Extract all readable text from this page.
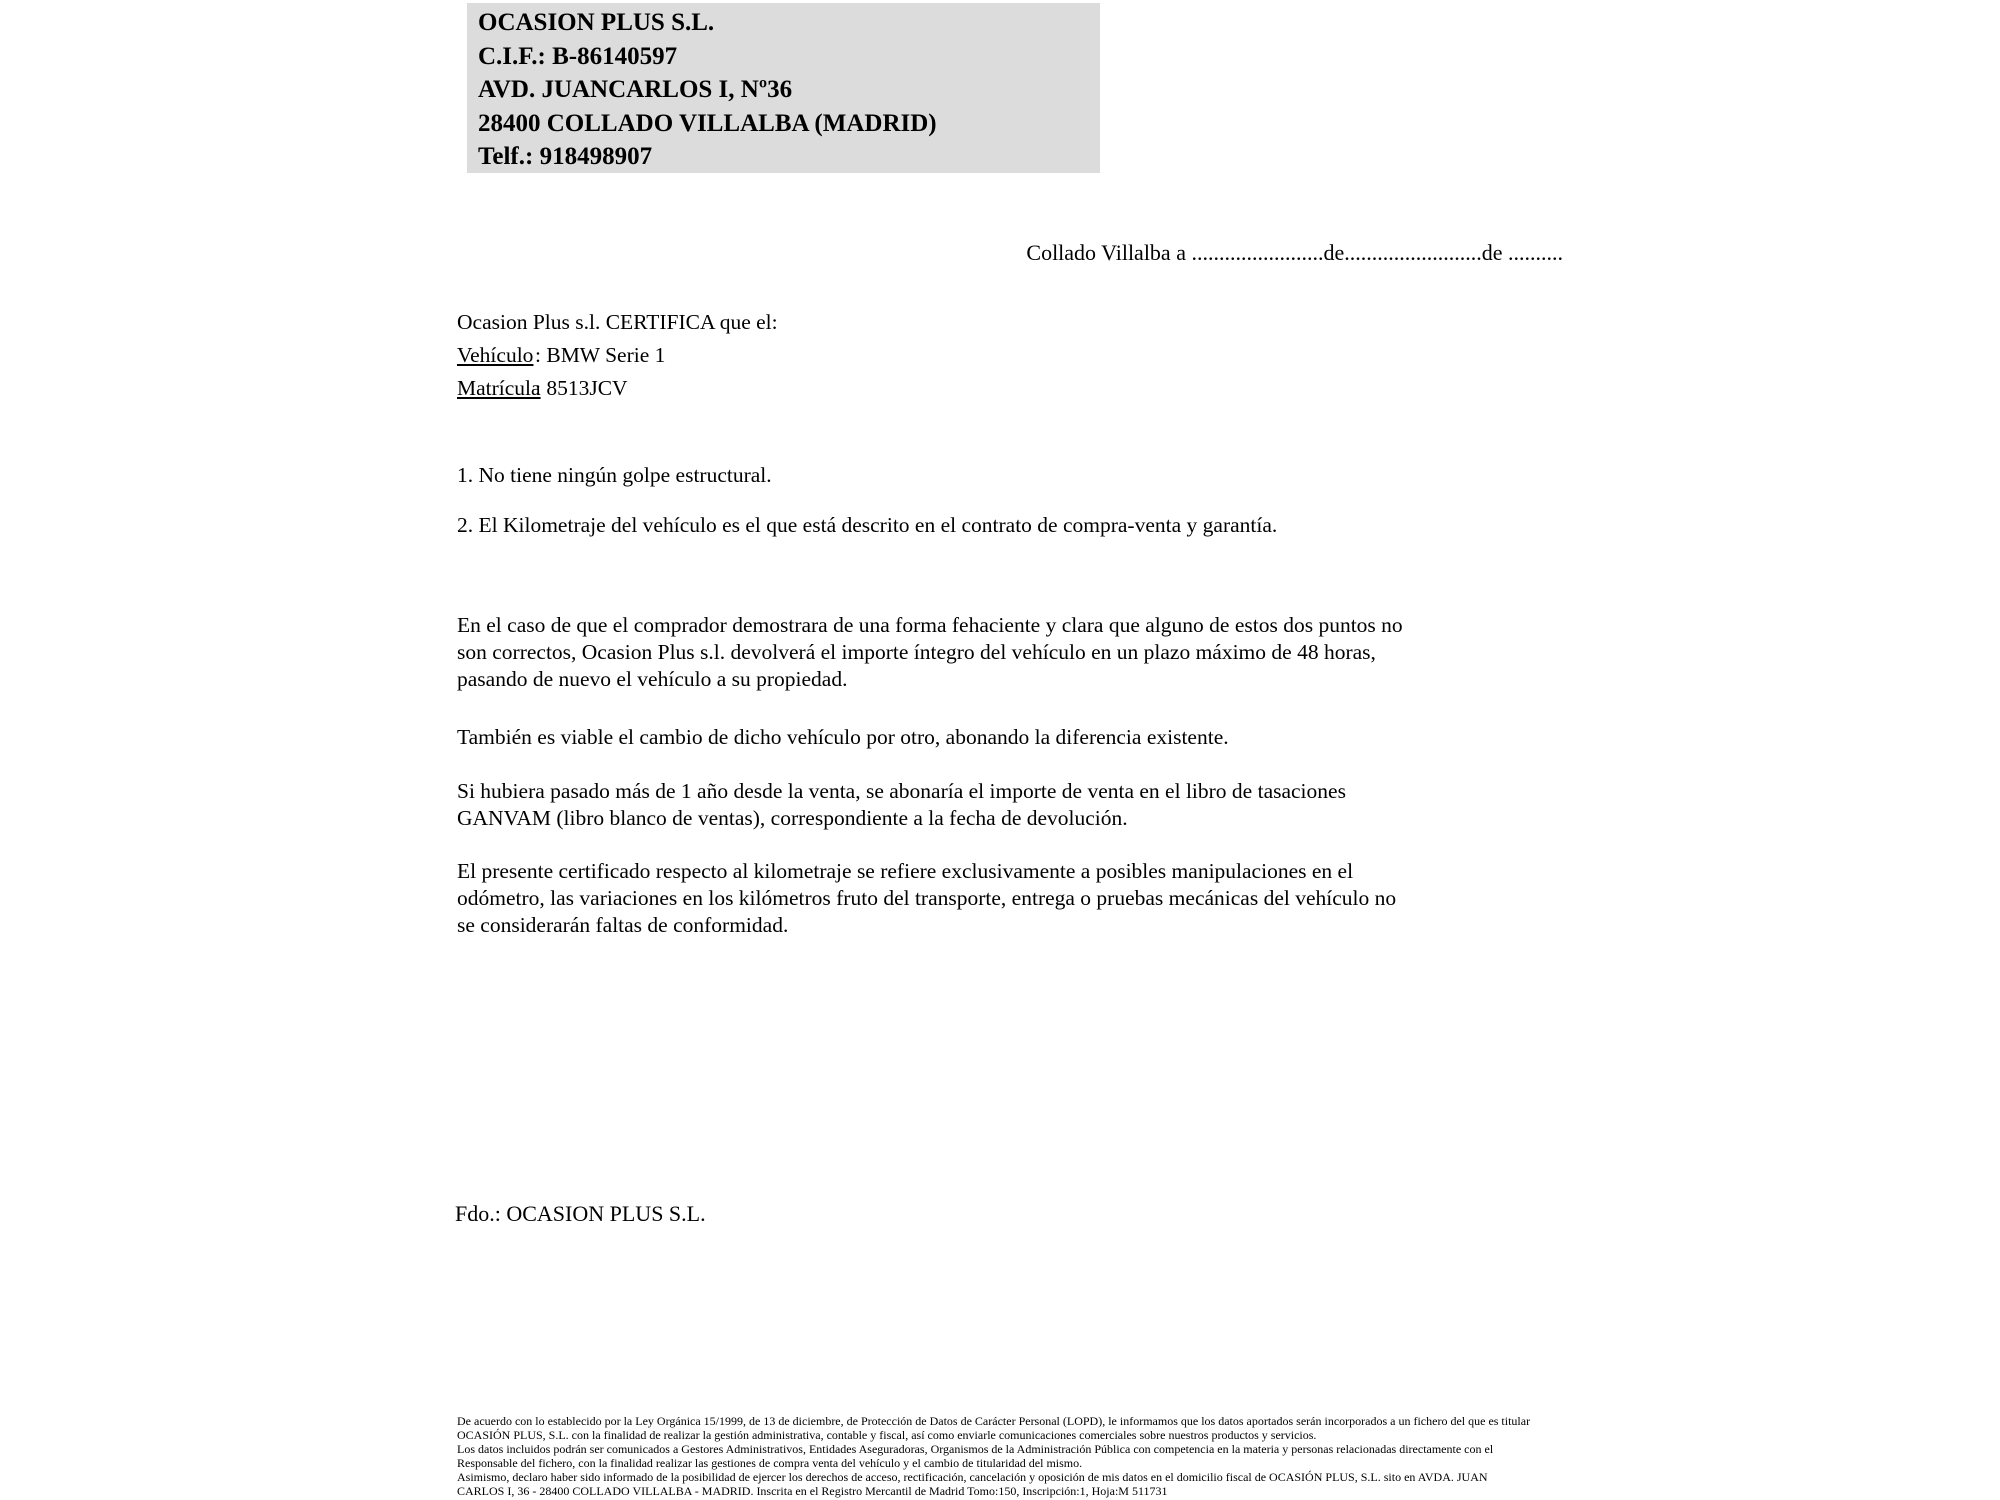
OCASION PLUS S.L.
C.I.F.: B-86140597
AVD. JUANCARLOS I, Nº36
28400 COLLADO VILLALBA (MADRID)
Telf.: 918498907
Collado Villalba a ........................de.........................de ..........
Ocasion Plus s.l. CERTIFICA que el:
Vehículo : BMW Serie 1
Matrícula
: 8513JCV
1. No tiene ningún golpe estructural.
2. El Kilometraje del vehículo es el que está descrito en el contrato de compra-venta y garantía.
En el caso de que el comprador demostrara de una forma fehaciente y clara que alguno de estos dos puntos no
son correctos, Ocasion Plus s.l. devolverá el importe íntegro del vehículo en un plazo máximo de 48 horas,
pasando de nuevo el vehículo a su propiedad.
También es viable el cambio de dicho vehículo por otro, abonando la diferencia existente.
Si hubiera pasado más de 1 año desde la venta, se abonaría el importe de venta en el libro de tasaciones
GANVAM (libro blanco de ventas), correspondiente a la fecha de devolución.
El presente certificado respecto al kilometraje se refiere exclusivamente a posibles manipulaciones en el
odómetro, las variaciones en los kilómetros fruto del transporte, entrega o pruebas mecánicas del vehículo no
se considerarán faltas de conformidad.
Fdo.: OCASION PLUS S.L.
De acuerdo con lo establecido por la Ley Orgánica 15/1999, de 13 de diciembre, de Protección de Datos de Carácter Personal (LOPD), le informamos que los datos aportados serán incorporados a un fichero del que es titular
OCASIÓN PLUS, S.L. con la finalidad de realizar la gestión administrativa, contable y fiscal, así como enviarle comunicaciones comerciales sobre nuestros productos y servicios.
Los datos incluidos podrán ser comunicados a Gestores Administrativos, Entidades Aseguradoras, Organismos de la Administración Pública con competencia en la materia y personas relacionadas directamente con el
Responsable del fichero, con la finalidad realizar las gestiones de compra venta del vehículo y el cambio de titularidad del mismo.
Asimismo, declaro haber sido informado de la posibilidad de ejercer los derechos de acceso, rectificación, cancelación y oposición de mis datos en el domicilio fiscal de OCASIÓN PLUS, S.L. sito en AVDA. JUAN
CARLOS I, 36 - 28400 COLLADO VILLALBA - MADRID. Inscrita en el Registro Mercantil de Madrid Tomo:150, Inscripción:1, Hoja:M 511731
